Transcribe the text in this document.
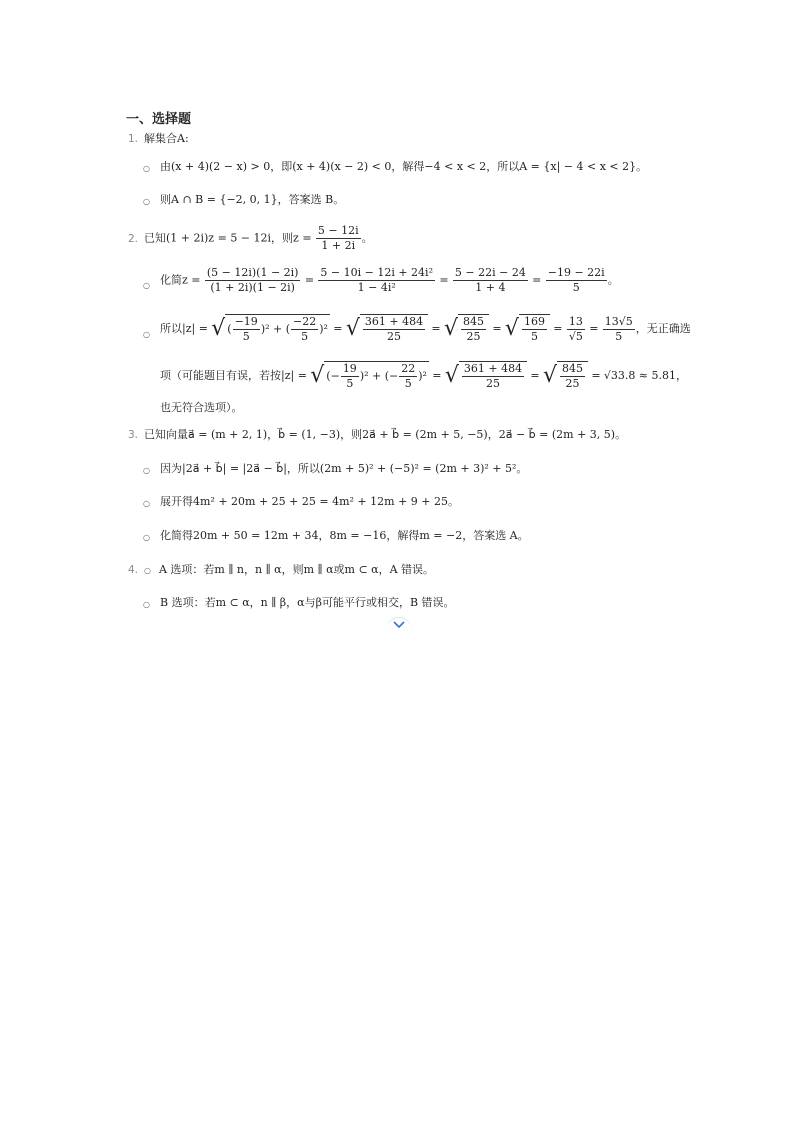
一、选择题
1. 解集合A:
○ 由(x + 4)(2 − x) > 0，即(x + 4)(x − 2) < 0，解得−4 < x < 2，所以A = {x| − 4 < x < 2}。
○ 则A ∩ B = {−2, 0, 1}，答案选 B。
2. 已知(1 + 2i)z = 5 − 12i，则$z = \frac{5 - 12i}{1 + 2i}$ 。
○ 化简$z = \frac{(5 - 12i)(1 - 2i)}{(1 + 2i)(1 - 2i)} = \frac{\text{5 − 10i − 12i + 24i²}}{\text{1 − 4i²}} = \frac{5 - 22i - 24}{1 + 4} = \frac{-19 - 22i}{5}$ 。
○ 所以|z| = √ ( $\frac{-19}{5} )^2$ + ( $\frac{-22}{5} )^2$ = √ $\frac{361 + 484}{25}$ = √ $\frac{845}{25}$ = √ $\frac{169}{5} = \frac{13}{√5} = \frac{13√5}{5}$ ，无正确选
项（可能题目有误，若按|z| = √ (− $\frac{19}{5} )^2$ + (− $\frac{22}{5} )^2$ = √ $\frac{361 + 484}{25}$ = √ $\frac{845}{25} = √33.8 \approx 5.81$，
也无符合选项）。
3. 已知向量a⃗ = (m + 2, 1)，b⃗ = (1, −3)，则2a⃗ + b⃗ = (2m + 5, −5)，2a⃗ − b⃗ = (2m + 3, 5)。
○ 因为|2a⃗ + b⃗| = |2a⃗ − b⃗|，所以(2m + 5)² + (−5)² = (2m + 3)² + 5²。
○ 展开得4m² + 20m + 25 + 25 = 4m² + 12m + 9 + 25。
○ 化简得20m + 50 = 12m + 34，8m = −16，解得m = −2，答案选 A。
4. ○ A 选项：若m ∥ n，n ∥ α，则m ∥ α或m ⊂ α，A 错误。
○ B 选项：若m ⊂ α，n ∥ β，α与β可能平行或相交，B 错误。
